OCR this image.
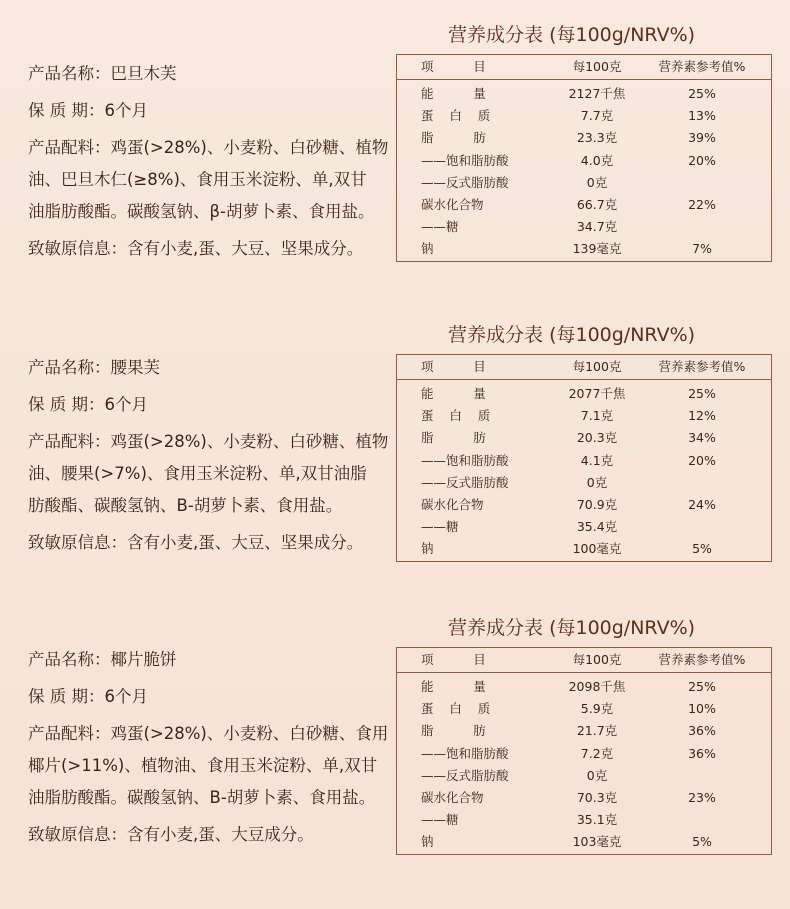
营养成分表 (每100g/NRV%)
产品名称：巴旦木芙
保 质 期：6个月
产品配料：鸡蛋(>28%)、小麦粉、白砂糖、植物
油、巴旦木仁(≥8%)、食用玉米淀粉、单,双甘
油脂肪酸酯。碳酸氢钠、β-胡萝卜素、食用盐。
致敏原信息：含有小麦,蛋、大豆、坚果成分。
项          目	每100克	营养素参考值%
能          量	2127千焦	25%
蛋    白    质	7.7克	13%
脂          肪	23.3克	39%
——饱和脂肪酸	4.0克	20%
——反式脂肪酸	0克
碳水化合物	66.7克	22%
——糖	34.7克
钠	139毫克	7%
营养成分表 (每100g/NRV%)
产品名称：腰果芙
保 质 期：6个月
产品配料：鸡蛋(>28%)、小麦粉、白砂糖、植物
油、腰果(>7%)、食用玉米淀粉、单,双甘油脂
肪酸酯、碳酸氢钠、B-胡萝卜素、食用盐。
致敏原信息：含有小麦,蛋、大豆、坚果成分。
项          目	每100克	营养素参考值%
能          量	2077千焦	25%
蛋    白    质	7.1克	12%
脂          肪	20.3克	34%
——饱和脂肪酸	4.1克	20%
——反式脂肪酸	0克
碳水化合物	70.9克	24%
——糖	35.4克
钠	100毫克	5%
营养成分表 (每100g/NRV%)
产品名称：椰片脆饼
保 质 期：6个月
产品配料：鸡蛋(>28%)、小麦粉、白砂糖、食用
椰片(>11%)、植物油、食用玉米淀粉、单,双甘
油脂肪酸酯。碳酸氢钠、B-胡萝卜素、食用盐。
致敏原信息：含有小麦,蛋、大豆成分。
项          目	每100克	营养素参考值%
能          量	2098千焦	25%
蛋    白    质	5.9克	10%
脂          肪	21.7克	36%
——饱和脂肪酸	7.2克	36%
——反式脂肪酸	0克
碳水化合物	70.3克	23%
——糖	35.1克
钠	103毫克	5%
